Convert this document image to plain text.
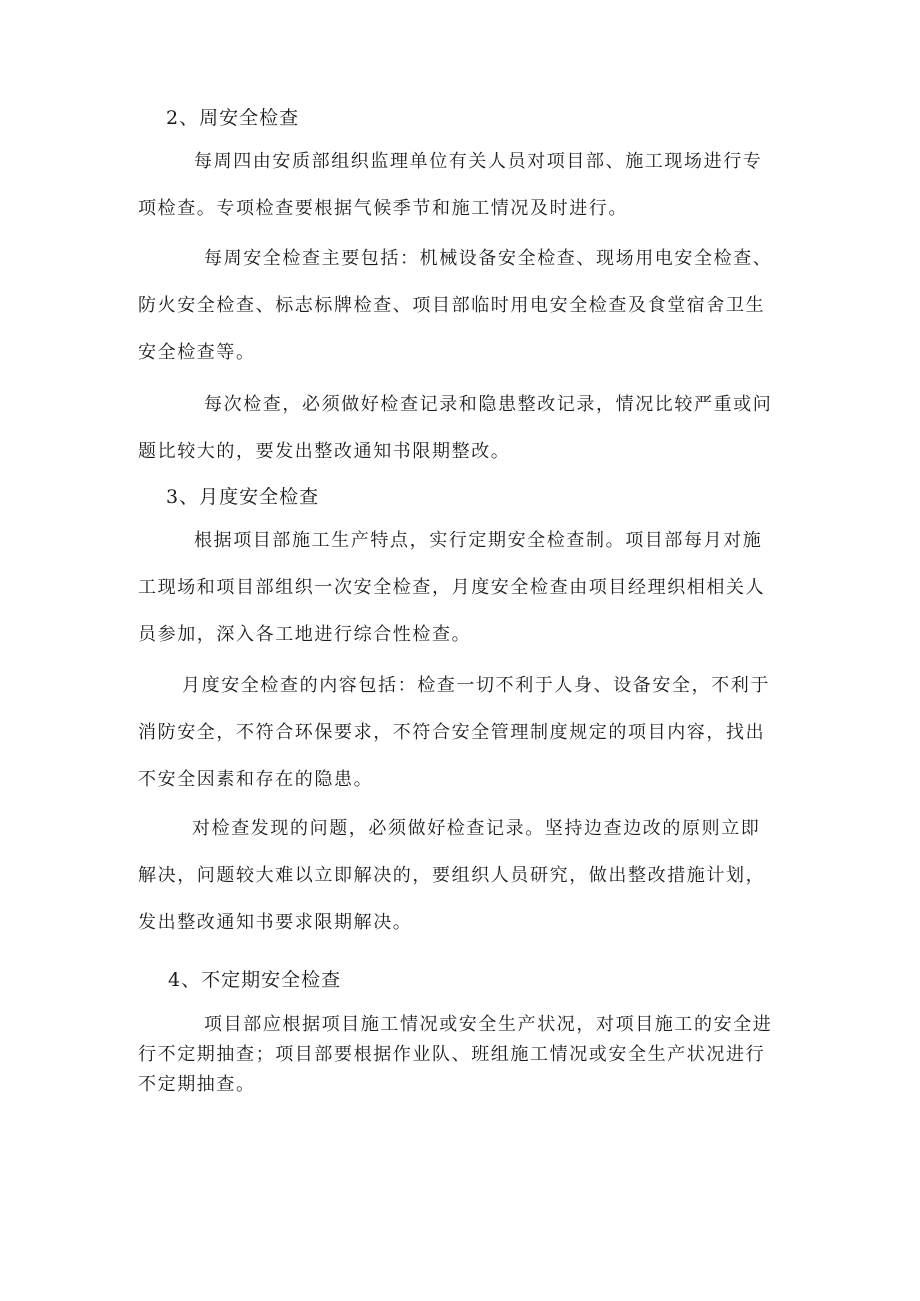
2、周安全检查

每周四由安质部组织监理单位有关人员对项目部、施工现场进行专
项检查。专项检查要根据气候季节和施工情况及时进行。

每周安全检查主要包括：机械设备安全检查、现场用电安全检查、
防火安全检查、标志标牌检查、项目部临时用电安全检查及食堂宿舍卫生
安全检查等。

每次检查，必须做好检查记录和隐患整改记录，情况比较严重或问
题比较大的，要发出整改通知书限期整改。

3、月度安全检查

根据项目部施工生产特点，实行定期安全检查制。项目部每月对施
工现场和项目部组织一次安全检查，月度安全检查由项目经理织相相关人
员参加，深入各工地进行综合性检查。

月度安全检查的内容包括：检查一切不利于人身、设备安全，不利于
消防安全，不符合环保要求，不符合安全管理制度规定的项目内容，找出
不安全因素和存在的隐患。

对检查发现的问题，必须做好检查记录。坚持边查边改的原则立即
解决，问题较大难以立即解决的，要组织人员研究，做出整改措施计划，
发出整改通知书要求限期解决。

4、不定期安全检查

项目部应根据项目施工情况或安全生产状况，对项目施工的安全进
行不定期抽查；项目部要根据作业队、班组施工情况或安全生产状况进行
不定期抽查。
